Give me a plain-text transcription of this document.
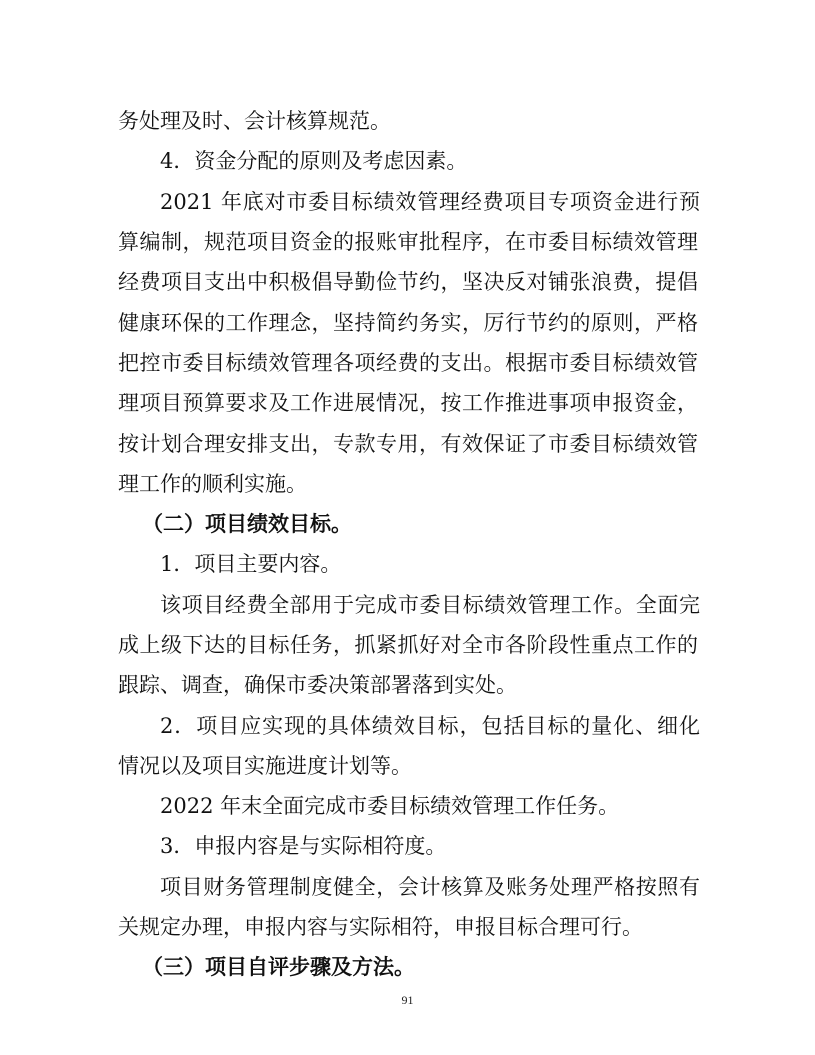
务处理及时、会计核算规范。
4．资金分配的原则及考虑因素。
2021 年底对市委目标绩效管理经费项目专项资金进行预
算编制，规范项目资金的报账审批程序，在市委目标绩效管理
经费项目支出中积极倡导勤俭节约，坚决反对铺张浪费，提倡
健康环保的工作理念，坚持简约务实，厉行节约的原则，严格
把控市委目标绩效管理各项经费的支出。根据市委目标绩效管
理项目预算要求及工作进展情况，按工作推进事项申报资金，
按计划合理安排支出，专款专用，有效保证了市委目标绩效管
理工作的顺利实施。
（二）项目绩效目标。
1．项目主要内容。
该项目经费全部用于完成市委目标绩效管理工作。全面完
成上级下达的目标任务，抓紧抓好对全市各阶段性重点工作的
跟踪、调查，确保市委决策部署落到实处。
2．项目应实现的具体绩效目标，包括目标的量化、细化
情况以及项目实施进度计划等。
2022 年末全面完成市委目标绩效管理工作任务。
3．申报内容是与实际相符度。
项目财务管理制度健全，会计核算及账务处理严格按照有
关规定办理，申报内容与实际相符，申报目标合理可行。
（三）项目自评步骤及方法。
91
